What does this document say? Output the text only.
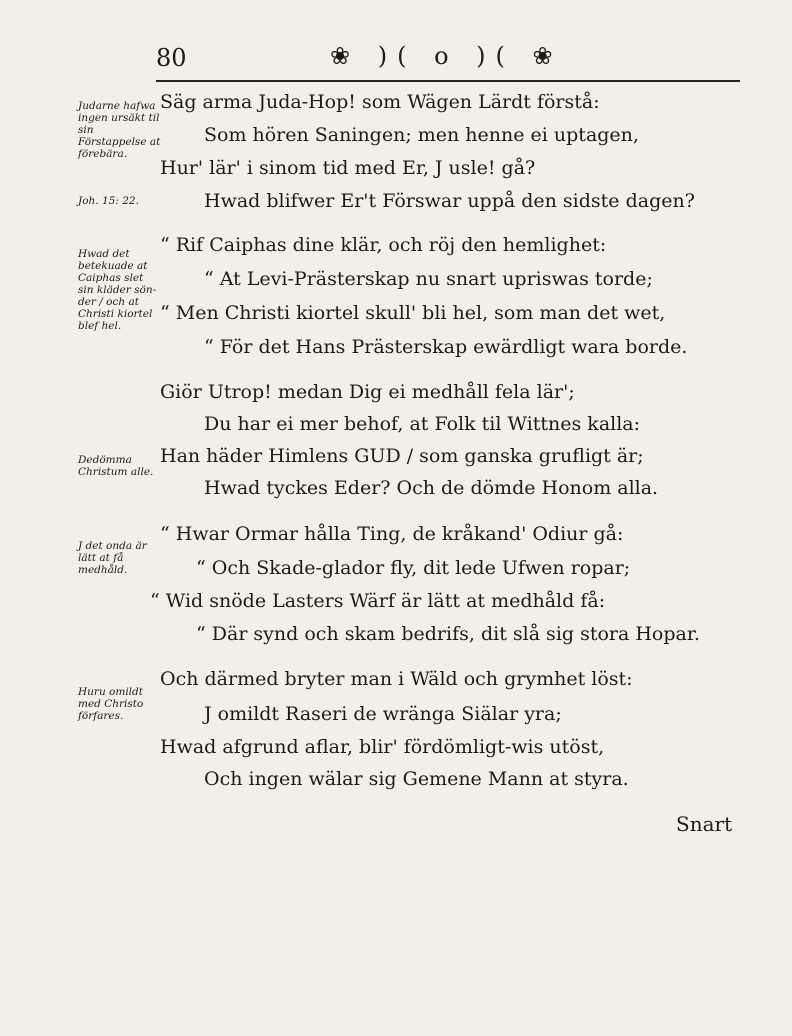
80	❀ )( o )( ❀
Judarne hafwa ingen ursäkt til sin Förstappelse at förebära.
Joh. 15: 22.
Säg arma Juda-Hop! som Wägen Lärdt förstå:
Som hören Saningen; men henne ei uptagen,
Hur' lär' i sinom tid med Er, J usle! gå?
Hwad blifwer Er't Förswar uppå den sidste dagen?
Hwad det betekuade at Caiphas slet sin kläder sön-der / och at Christi kiortel blef hel.
“ Rif Caiphas dine klär, och röj den hemlighet:
“ At Levi-Prästerskap nu snart upriswas torde;
“ Men Christi kiortel skull' bli hel, som man det wet,
“ För det Hans Prästerskap ewärdligt wara borde.
Dedömma Christum alle.
Giör Utrop! medan Dig ei medhåll fela lär';
Du har ei mer behof, at Folk til Wittnes kalla:
Han häder Himlens GUD / som ganska grufligt är;
Hwad tyckes Eder? Och de dömde Honom alla.
J det onda är lätt at få medhåld.
“ Hwar Ormar hålla Ting, de kråkand' Odiur gå:
“ Och Skade-glador fly, dit lede Ufwen ropar;
“ Wid snöde Lasters Wärf är lätt at medhåld få:
“ Där synd och skam bedrifs, dit slå sig stora Hopar.
Huru omildt med Christo förfares.
Och därmed bryter man i Wäld och grymhet löst:
J omildt Raseri de wränga Siälar yra;
Hwad afgrund aflar, blir' fördömligt-wis utöst,
Och ingen wälar sig Gemene Mann at styra.
Snart
